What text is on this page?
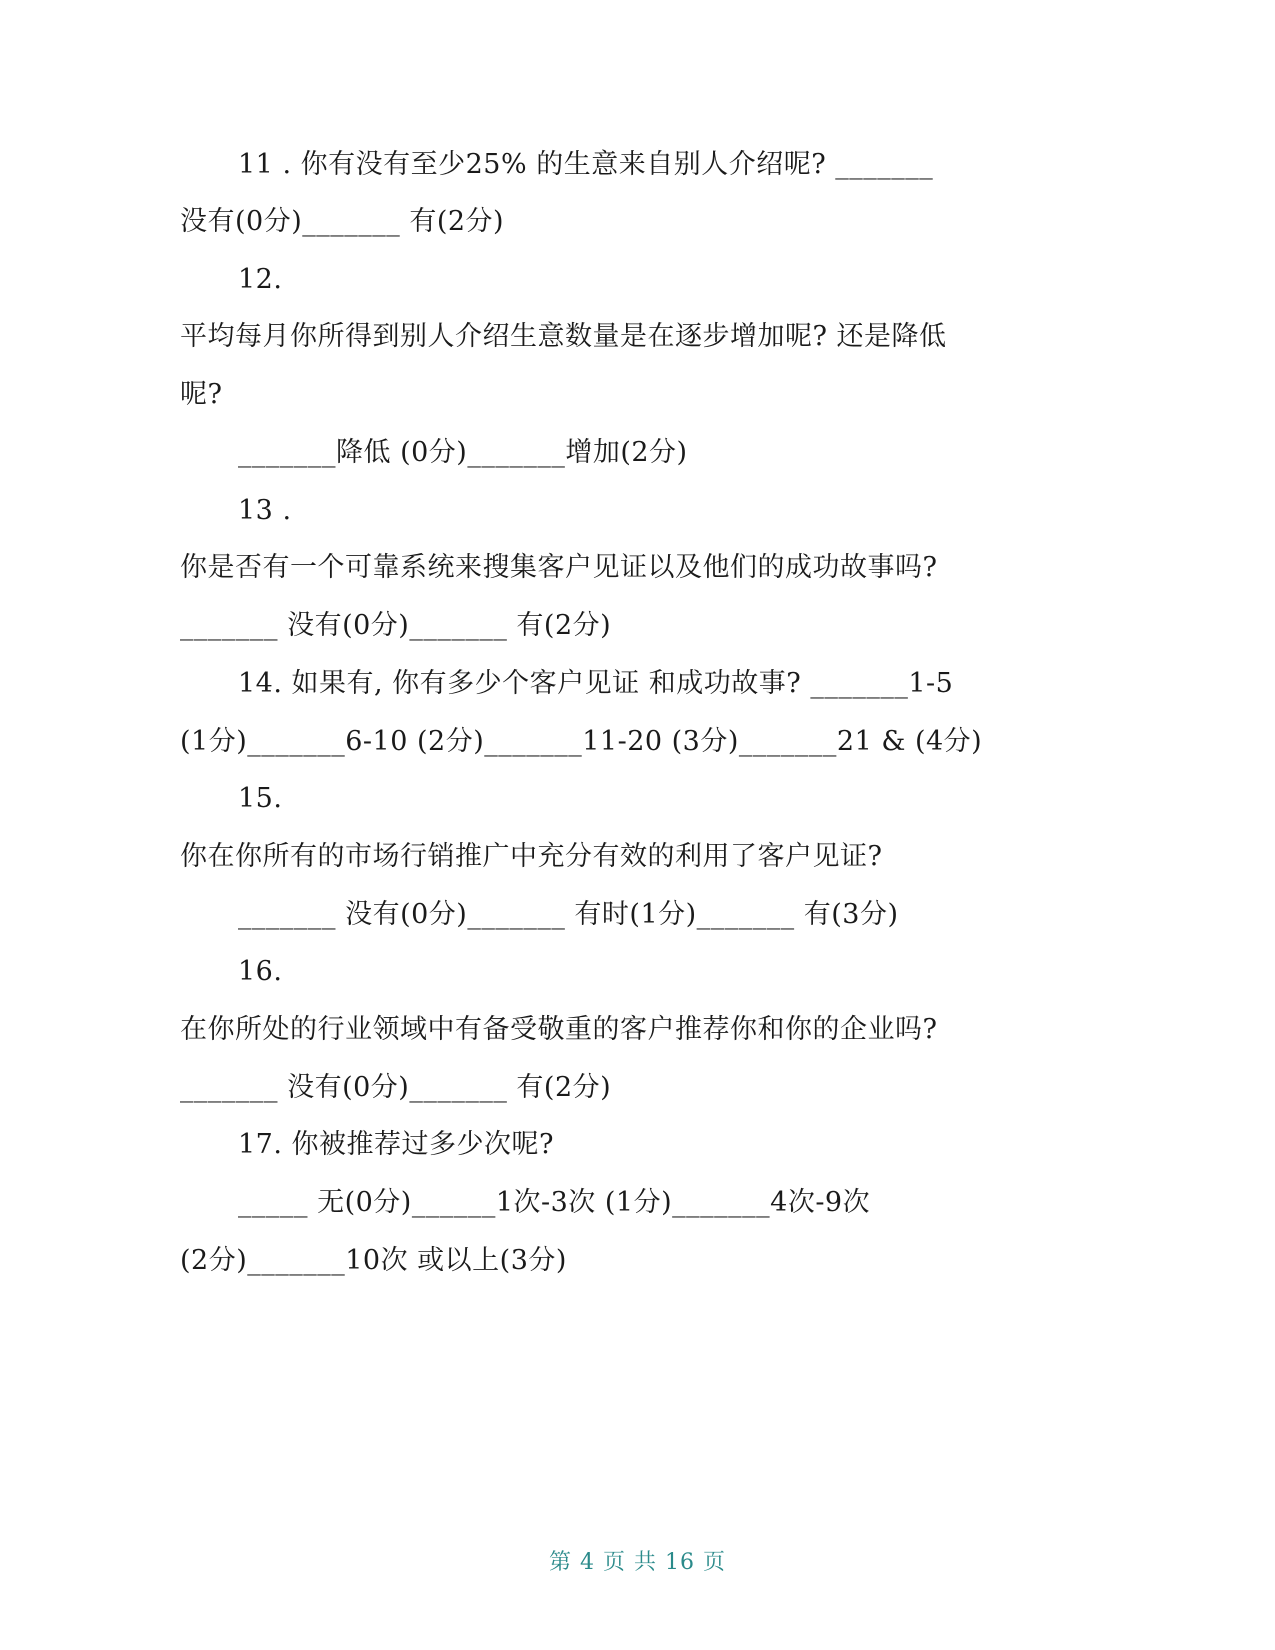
11 . 你有没有至少25% 的生意来自别人介绍呢? _______
没有(0分)_______ 有(2分)
12.
平均每月你所得到别人介绍生意数量是在逐步增加呢? 还是降低
呢?
_______降低 (0分)_______增加(2分)
13 .
你是否有一个可靠系统来搜集客户见证以及他们的成功故事吗?
_______ 没有(0分)_______ 有(2分)
14. 如果有, 你有多少个客户见证 和成功故事? _______1-5
(1分)_______6-10 (2分)_______11-20 (3分)_______21 & (4分)
15.
你在你所有的市场行销推广中充分有效的利用了客户见证?
_______ 没有(0分)_______ 有时(1分)_______ 有(3分)
16.
在你所处的行业领域中有备受敬重的客户推荐你和你的企业吗?
_______ 没有(0分)_______ 有(2分)
17. 你被推荐过多少次呢?
_____ 无(0分)______1次-3次 (1分)_______4次-9次
(2分)_______10次 或以上(3分)
第 4 页 共 16 页
